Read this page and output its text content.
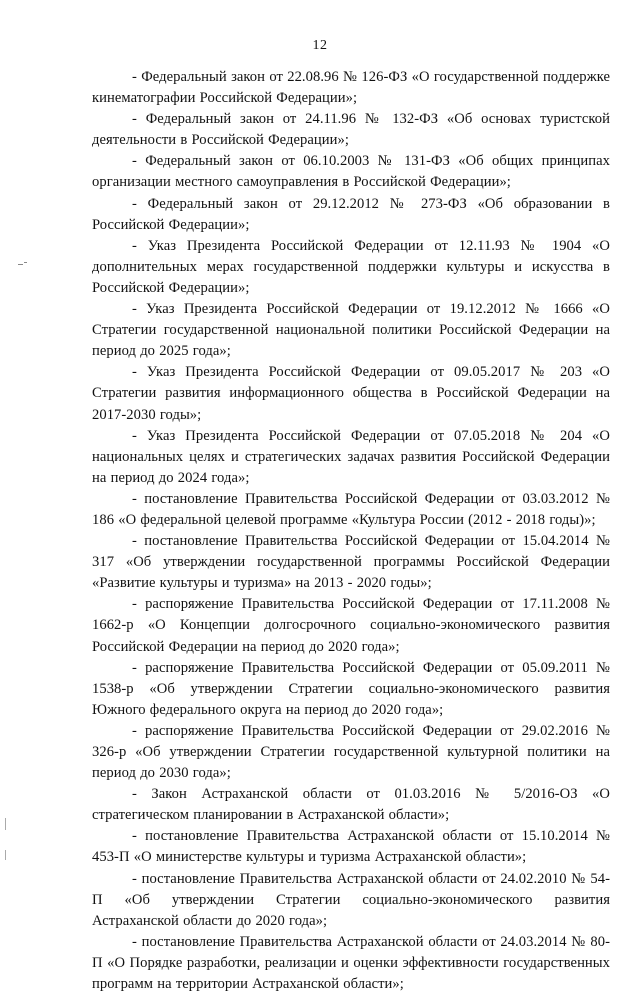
12

- Федеральный закон от 22.08.96 № 126-ФЗ «О государственной поддержке кинематографии Российской Федерации»;

- Федеральный закон от 24.11.96 № 132-ФЗ «Об основах туристской деятельности в Российской Федерации»;

- Федеральный закон от 06.10.2003 № 131-ФЗ «Об общих принципах организации местного самоуправления в Российской Федерации»;

- Федеральный закон от 29.12.2012 № 273-ФЗ «Об образовании в Российской Федерации»;

- Указ Президента Российской Федерации от 12.11.93 № 1904 «О дополнительных мерах государственной поддержки культуры и искусства в Российской Федерации»;

- Указ Президента Российской Федерации от 19.12.2012 № 1666 «О Стратегии государственной национальной политики Российской Федерации на период до 2025 года»;

- Указ Президента Российской Федерации от 09.05.2017 № 203 «О Стратегии развития информационного общества в Российской Федерации на 2017-2030 годы»;

- Указ Президента Российской Федерации от 07.05.2018 № 204 «О национальных целях и стратегических задачах развития Российской Федерации на период до 2024 года»;

- постановление Правительства Российской Федерации от 03.03.2012 № 186 «О федеральной целевой программе «Культура России (2012 - 2018 годы)»;

- постановление Правительства Российской Федерации от 15.04.2014 № 317 «Об утверждении государственной программы Российской Федерации «Развитие культуры и туризма» на 2013 - 2020 годы»;

- распоряжение Правительства Российской Федерации от 17.11.2008 № 1662-р «О Концепции долгосрочного социально-экономического развития Российской Федерации на период до 2020 года»;

- распоряжение Правительства Российской Федерации от 05.09.2011 № 1538-р «Об утверждении Стратегии социально-экономического развития Южного федерального округа на период до 2020 года»;

- распоряжение Правительства Российской Федерации от 29.02.2016 № 326-р «Об утверждении Стратегии государственной культурной политики на период до 2030 года»;

- Закон Астраханской области от 01.03.2016 № 5/2016-ОЗ «О стратегическом планировании в Астраханской области»;

- постановление Правительства Астраханской области от 15.10.2014 № 453-П «О министерстве культуры и туризма Астраханской области»;

- постановление Правительства Астраханской области от 24.02.2010 № 54-П «Об утверждении Стратегии социально-экономического развития Астраханской области до 2020 года»;

- постановление Правительства Астраханской области от 24.03.2014 № 80-П «О Порядке разработки, реализации и оценки эффективности государственных программ на территории Астраханской области»;
